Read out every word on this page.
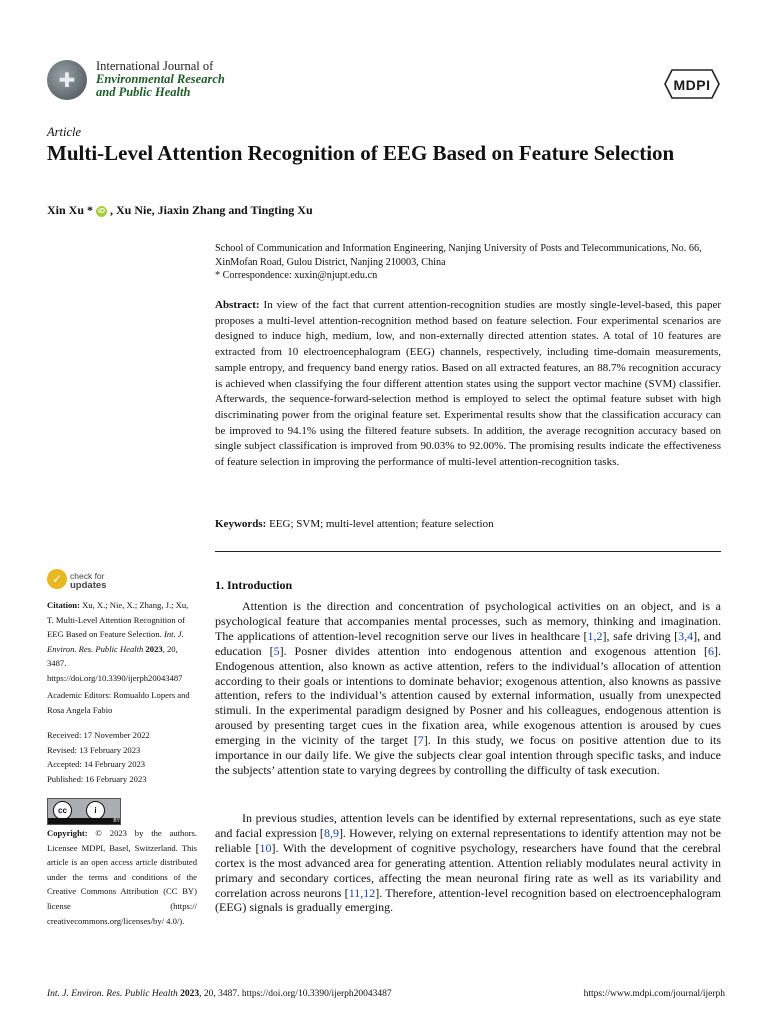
✚
International Journal of
Environmental Research
and Public Health	MDPI
Article
Multi-Level Attention Recognition of EEG Based on Feature Selection
Xin Xu * iD , Xu Nie, Jiaxin Zhang and Tingting Xu
School of Communication and Information Engineering, Nanjing University of Posts and Telecommunications, No. 66, XinMofan Road, Gulou District, Nanjing 210003, China
* Correspondence: xuxin@njupt.edu.cn
Abstract: In view of the fact that current attention-recognition studies are mostly single-level-based, this paper proposes a multi-level attention-recognition method based on feature selection. Four experimental scenarios are designed to induce high, medium, low, and non-externally directed attention states. A total of 10 features are extracted from 10 electroencephalogram (EEG) channels, respectively, including time-domain measurements, sample entropy, and frequency band energy ratios. Based on all extracted features, an 88.7% recognition accuracy is achieved when classifying the four different attention states using the support vector machine (SVM) classifier. Afterwards, the sequence-forward-selection method is employed to select the optimal feature subset with high discriminating power from the original feature set. Experimental results show that the classification accuracy can be improved to 94.1% using the filtered feature subsets. In addition, the average recognition accuracy based on single subject classification is improved from 90.03% to 92.00%. The promising results indicate the effectiveness of feature selection in improving the performance of multi-level attention-recognition tasks.
Keywords: EEG; SVM; multi-level attention; feature selection
✓ check for
updates
Citation: Xu, X.; Nie, X.; Zhang, J.; Xu, T. Multi-Level Attention Recognition of EEG Based on Feature Selection. Int. J. Environ. Res. Public Health 2023, 20, 3487. https://doi.org/10.3390/ijerph20043487
Academic Editors: Romualdo Lopers and Rosa Angela Fabio
Received: 17 November 2022
Revised: 13 February 2023
Accepted: 14 February 2023
Published: 16 February 2023
cc	i
BY
Copyright: © 2023 by the authors. Licensee MDPI, Basel, Switzerland. This article is an open access article distributed under the terms and conditions of the Creative Commons Attribution (CC BY) license (https:// creativecommons.org/licenses/by/ 4.0/).
1. Introduction

Attention is the direction and concentration of psychological activities on an object, and is a psychological feature that accompanies mental processes, such as memory, thinking and imagination. The applications of attention-level recognition serve our lives in healthcare [1,2], safe driving [3,4], and education [5]. Posner divides attention into endogenous attention and exogenous attention [6]. Endogenous attention, also known as active attention, refers to the individual’s allocation of attention according to their goals or intentions to dominate behavior; exogenous attention, also knowns as passive attention, refers to the individual’s attention caused by external information, usually from unexpected stimuli. In the experimental paradigm designed by Posner and his colleagues, endogenous attention is aroused by presenting target cues in the fixation area, while exogenous attention is aroused by cues emerging in the vicinity of the target [7]. In this study, we focus on positive attention due to its importance in our daily life. We give the subjects clear goal intention through specific tasks, and induce the subjects’ attention state to varying degrees by controlling the difficulty of task execution.

In previous studies, attention levels can be identified by external representations, such as eye state and facial expression [8,9]. However, relying on external representations to identify attention may not be reliable [10]. With the development of cognitive psychology, researchers have found that the cerebral cortex is the most advanced area for generating attention. Attention reliably modulates neural activity in primary and secondary cortices, affecting the mean neuronal firing rate as well as its variability and correlation across neurons [11,12]. Therefore, attention-level recognition based on electroencephalogram (EEG) signals is gradually emerging.

Int. J. Environ. Res. Public Health 2023, 20, 3487. https://doi.org/10.3390/ijerph20043487	https://www.mdpi.com/journal/ijerph
